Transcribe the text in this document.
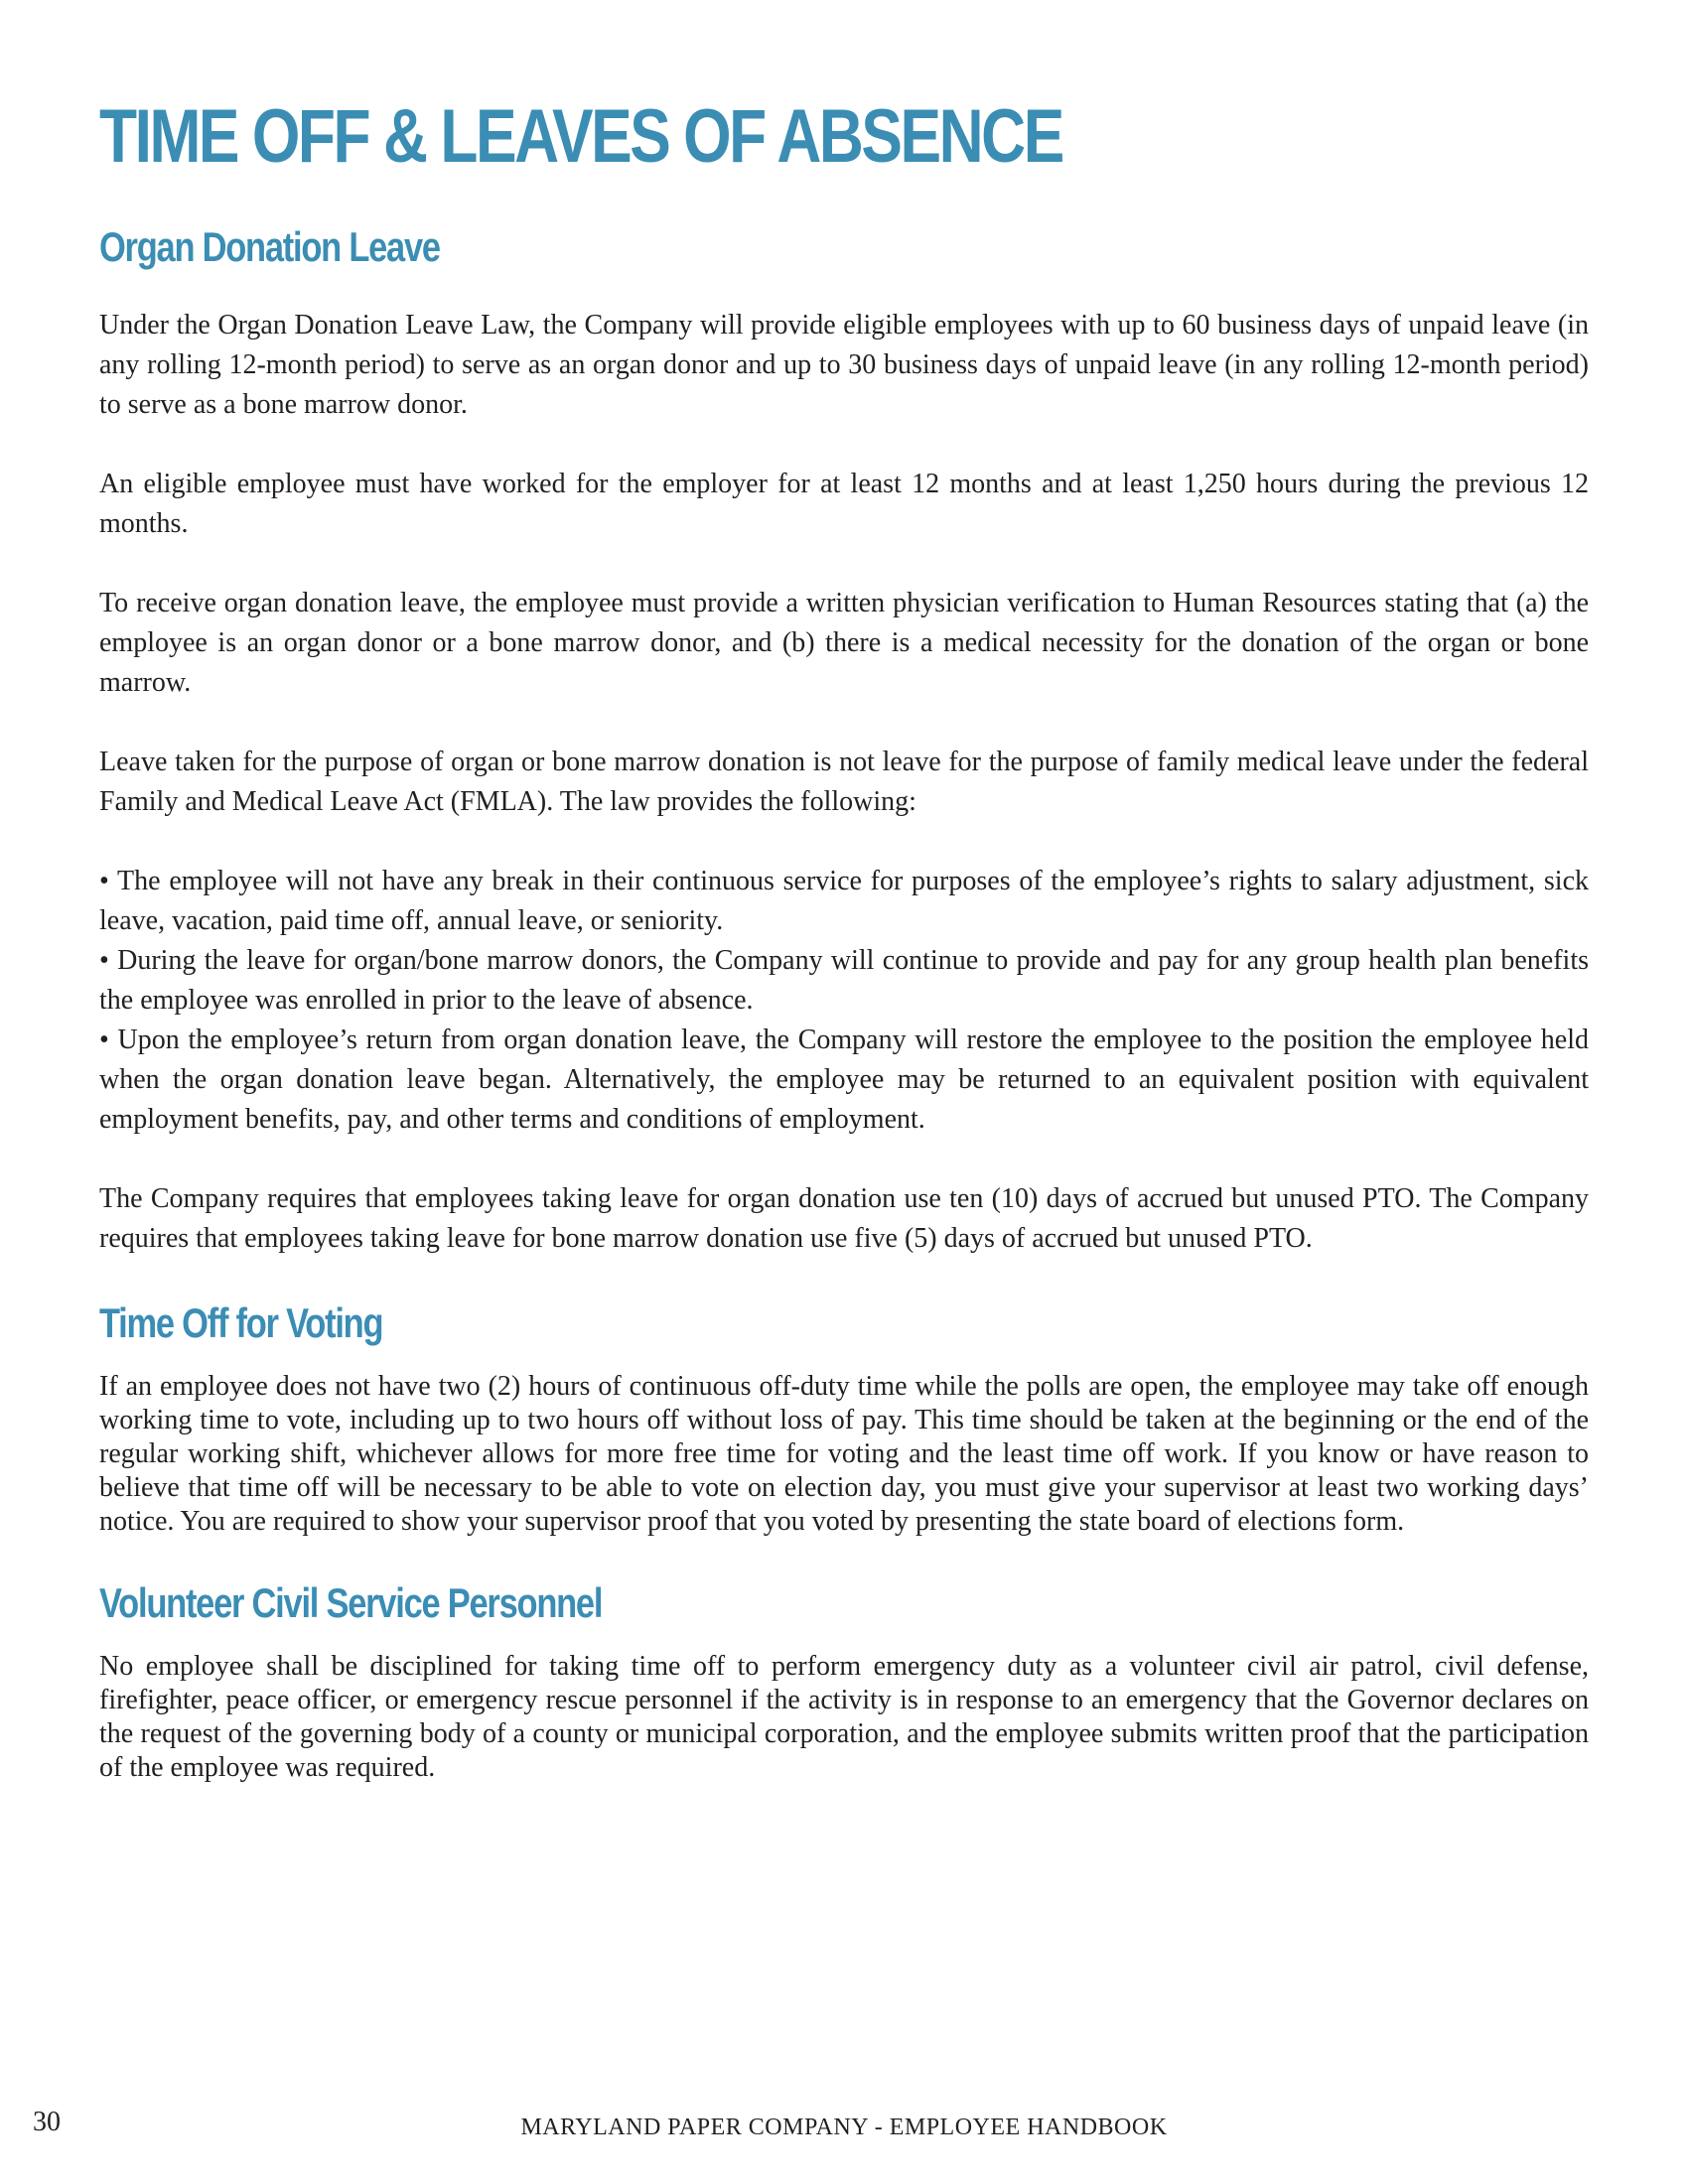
TIME OFF & LEAVES OF ABSENCE
Organ Donation Leave

Under the Organ Donation Leave Law, the Company will provide eligible employees with up to 60 business days of unpaid leave (in any rolling 12-month period) to serve as an organ donor and up to 30 business days of unpaid leave (in any rolling 12-month period) to serve as a bone marrow donor.

An eligible employee must have worked for the employer for at least 12 months and at least 1,250 hours during the previous 12 months.

To receive organ donation leave, the employee must provide a written physician verification to Human Resources stating that (a) the employee is an organ donor or a bone marrow donor, and (b) there is a medical necessity for the donation of the organ or bone marrow.

Leave taken for the purpose of organ or bone marrow donation is not leave for the purpose of family medical leave under the federal Family and Medical Leave Act (FMLA). The law provides the following:

• The employee will not have any break in their continuous service for purposes of the employee’s rights to salary adjustment, sick leave, vacation, paid time off, annual leave, or seniority.

• During the leave for organ/bone marrow donors, the Company will continue to provide and pay for any group health plan benefits the employee was enrolled in prior to the leave of absence.

• Upon the employee’s return from organ donation leave, the Company will restore the employee to the position the employee held when the organ donation leave began. Alternatively, the employee may be returned to an equivalent position with equivalent employment benefits, pay, and other terms and conditions of employment.

The Company requires that employees taking leave for organ donation use ten (10) days of accrued but unused PTO. The Company requires that employees taking leave for bone marrow donation use five (5) days of accrued but unused PTO.

Time Off for Voting

If an employee does not have two (2) hours of continuous off-duty time while the polls are open, the employee may take off enough working time to vote, including up to two hours off without loss of pay. This time should be taken at the beginning or the end of the regular working shift, whichever allows for more free time for voting and the least time off work. If you know or have reason to believe that time off will be necessary to be able to vote on election day, you must give your supervisor at least two working days’ notice. You are required to show your supervisor proof that you voted by presenting the state board of elections form.

Volunteer Civil Service Personnel

No employee shall be disciplined for taking time off to perform emergency duty as a volunteer civil air patrol, civil defense, firefighter, peace officer, or emergency rescue personnel if the activity is in response to an emergency that the Governor declares on the request of the governing body of a county or municipal corporation, and the employee submits written proof that the participation of the employee was required.

30	MARYLAND PAPER COMPANY - EMPLOYEE HANDBOOK
